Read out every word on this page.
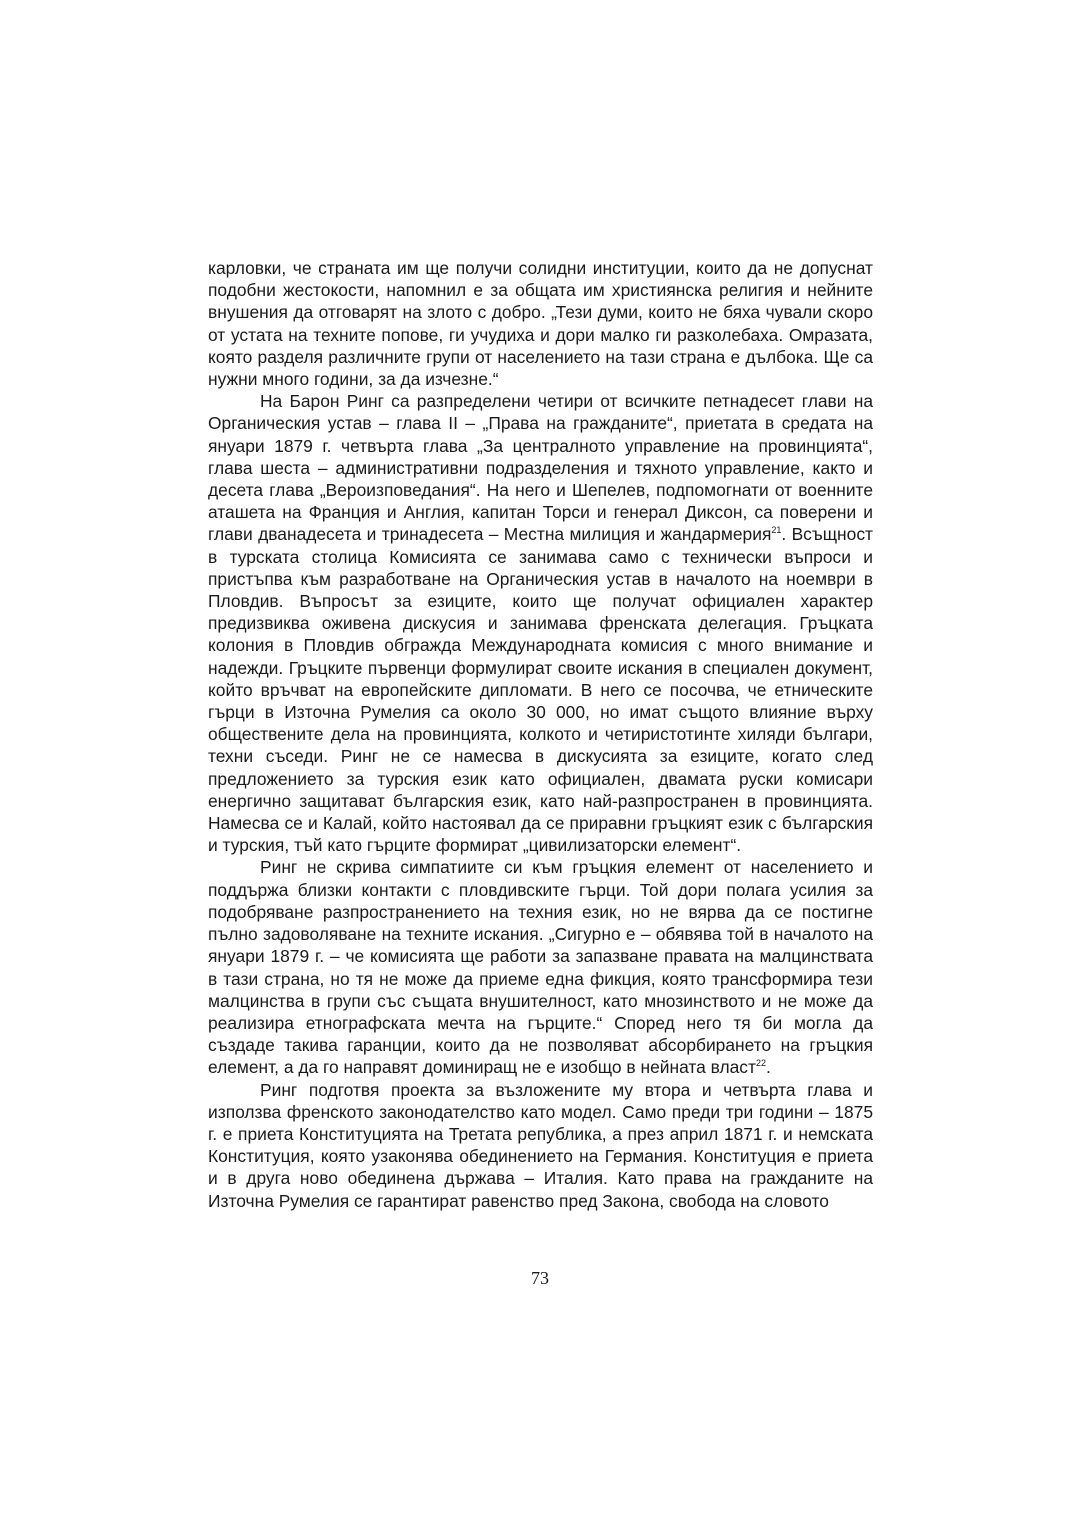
карловки, че страната им ще получи солидни институции, които да не допуснат подобни жестокости, напомнил е за общата им християнска религия и нейните внушения да отговарят на злото с добро. „Тези думи, които не бяха чували скоро от устата на техните попове, ги учудиха и дори малко ги разколебаха. Омразата, която разделя различните групи от населението на тази страна е дълбока. Ще са нужни много години, за да изчезне.“

На Барон Ринг са разпределени четири от всичките петнадесет глави на Органическия устав – глава II – „Права на гражданите“, приетата в средата на януари 1879 г. четвърта глава „За централното управление на провинцията“, глава шеста – административни подразделения и тяхното управление, както и десета глава „Вероизповедания“. На него и Шепелев, подпомогнати от военните аташета на Франция и Англия, капитан Торси и генерал Диксон, са поверени и глави дванадесета и тринадесета – Местна милиция и жандармерия$^{21}$. Всъщност в турската столица Комисията се занимава само с технически въпроси и пристъпва към разработване на Органическия устав в началото на ноември в Пловдив. Въпросът за езиците, които ще получат официален характер предизвиква оживена дискусия и занимава френската делегация. Гръцката колония в Пловдив обгражда Международната комисия с много внимание и надежди. Гръцките първенци формулират своите искания в специален документ, който връчват на европейските дипломати. В него се посочва, че етническите гърци в Източна Румелия са около 30 000, но имат същото влияние върху обществените дела на провинцията, колкото и четиристотинте хиляди българи, техни съседи. Ринг не се намесва в дискусията за езиците, когато след предложението за турския език като официален, двамата руски комисари енергично защитават българския език, като най-разпространен в провинцията. Намесва се и Калай, който настоявал да се приравни гръцкият език с българския и турския, тъй като гърците формират „цивилизаторски елемент“.

Ринг не скрива симпатиите си към гръцкия елемент от населението и поддържа близки контакти с пловдивските гърци. Той дори полага усилия за подобряване разпространението на техния език, но не вярва да се постигне пълно задоволяване на техните искания. „Сигурно е – обявява той в началото на януари 1879 г. – че комисията ще работи за запазване правата на малцинствата в тази страна, но тя не може да приеме една фикция, която трансформира тези малцинства в групи със същата внушителност, като мнозинството и не може да реализира етнографската мечта на гърците.“ Според него тя би могла да създаде такива гаранции, които да не позволяват абсорбирането на гръцкия елемент, а да го направят доминиращ не е изобщо в нейната власт$^{22}$.

Ринг подготвя проекта за възложените му втора и четвърта глава и използва френското законодателство като модел. Само преди три години – 1875 г. е приета Конституцията на Третата република, а през април 1871 г. и немската Конституция, която узаконява обединението на Германия. Конституция е приета и в друга ново обединена държава – Италия. Като права на гражданите на Източна Румелия се гарантират равенство пред Закона, свобода на словото

73
